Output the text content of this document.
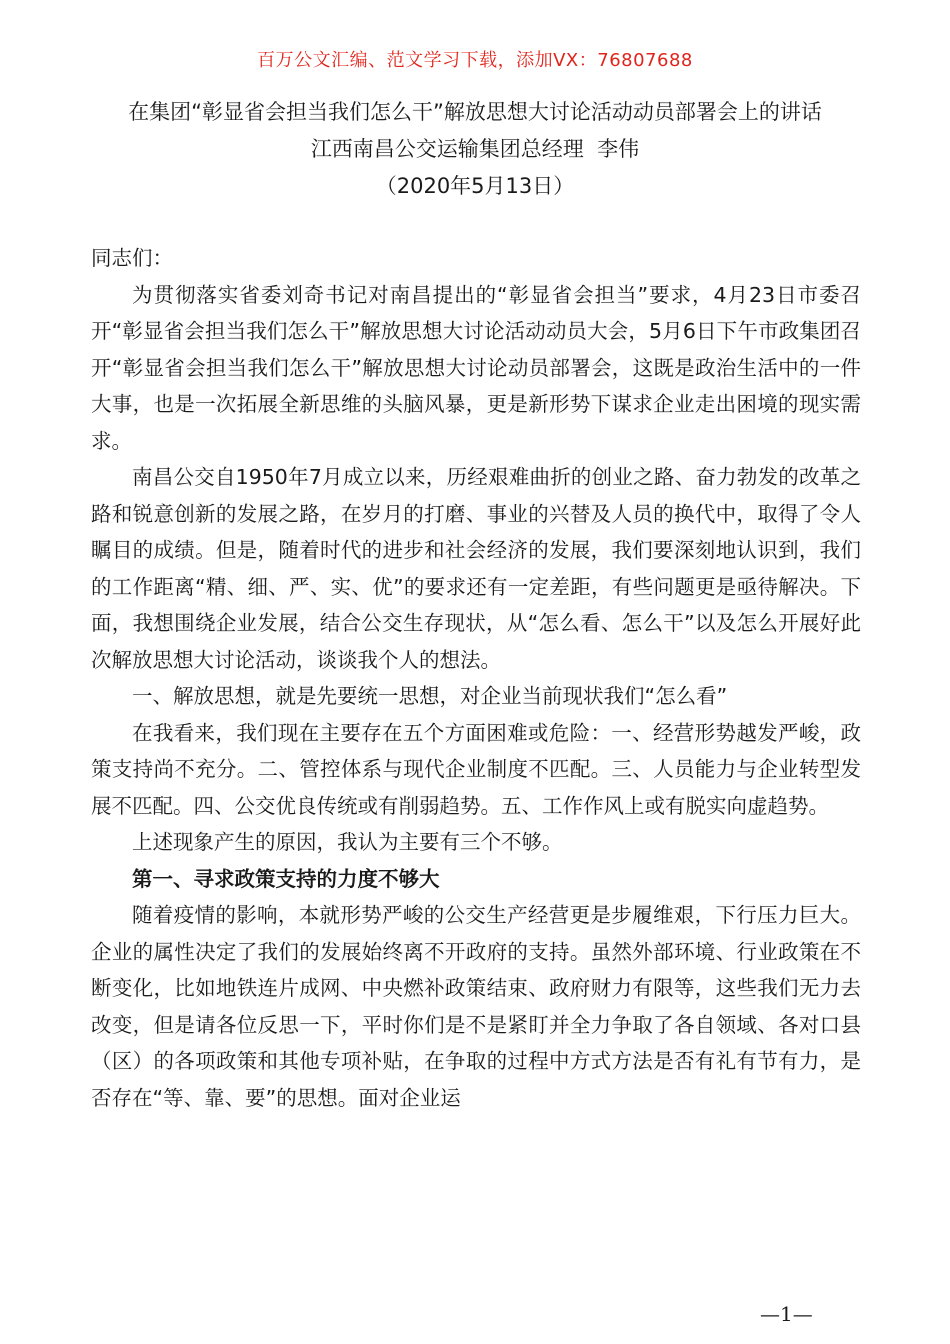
百万公文汇编、范文学习下载，添加VX：76807688
在集团“彰显省会担当我们怎么干”解放思想大讨论活动动员部署会上的讲话
江西南昌公交运输集团总经理  李伟
（2020年5月13日）

同志们：

为贯彻落实省委刘奇书记对南昌提出的“彰显省会担当”要求，4月23日市委召开“彰显省会担当我们怎么干”解放思想大讨论活动动员大会，5月6日下午市政集团召开“彰显省会担当我们怎么干”解放思想大讨论动员部署会，这既是政治生活中的一件大事，也是一次拓展全新思维的头脑风暴，更是新形势下谋求企业走出困境的现实需求。

南昌公交自1950年7月成立以来，历经艰难曲折的创业之路、奋力勃发的改革之路和锐意创新的发展之路，在岁月的打磨、事业的兴替及人员的换代中，取得了令人瞩目的成绩。但是，随着时代的进步和社会经济的发展，我们要深刻地认识到，我们的工作距离“精、细、严、实、优”的要求还有一定差距，有些问题更是亟待解决。下面，我想围绕企业发展，结合公交生存现状，从“怎么看、怎么干”以及怎么开展好此次解放思想大讨论活动，谈谈我个人的想法。

一、解放思想，就是先要统一思想，对企业当前现状我们“怎么看”

在我看来，我们现在主要存在五个方面困难或危险：一、经营形势越发严峻，政策支持尚不充分。二、管控体系与现代企业制度不匹配。三、人员能力与企业转型发展不匹配。四、公交优良传统或有削弱趋势。五、工作作风上或有脱实向虚趋势。

上述现象产生的原因，我认为主要有三个不够。

第一、寻求政策支持的力度不够大

随着疫情的影响，本就形势严峻的公交生产经营更是步履维艰，下行压力巨大。企业的属性决定了我们的发展始终离不开政府的支持。虽然外部环境、行业政策在不断变化，比如地铁连片成网、中央燃补政策结束、政府财力有限等，这些我们无力去改变，但是请各位反思一下，平时你们是不是紧盯并全力争取了各自领域、各对口县（区）的各项政策和其他专项补贴，在争取的过程中方式方法是否有礼有节有力，是否存在“等、靠、要”的思想。面对企业运

—1—
